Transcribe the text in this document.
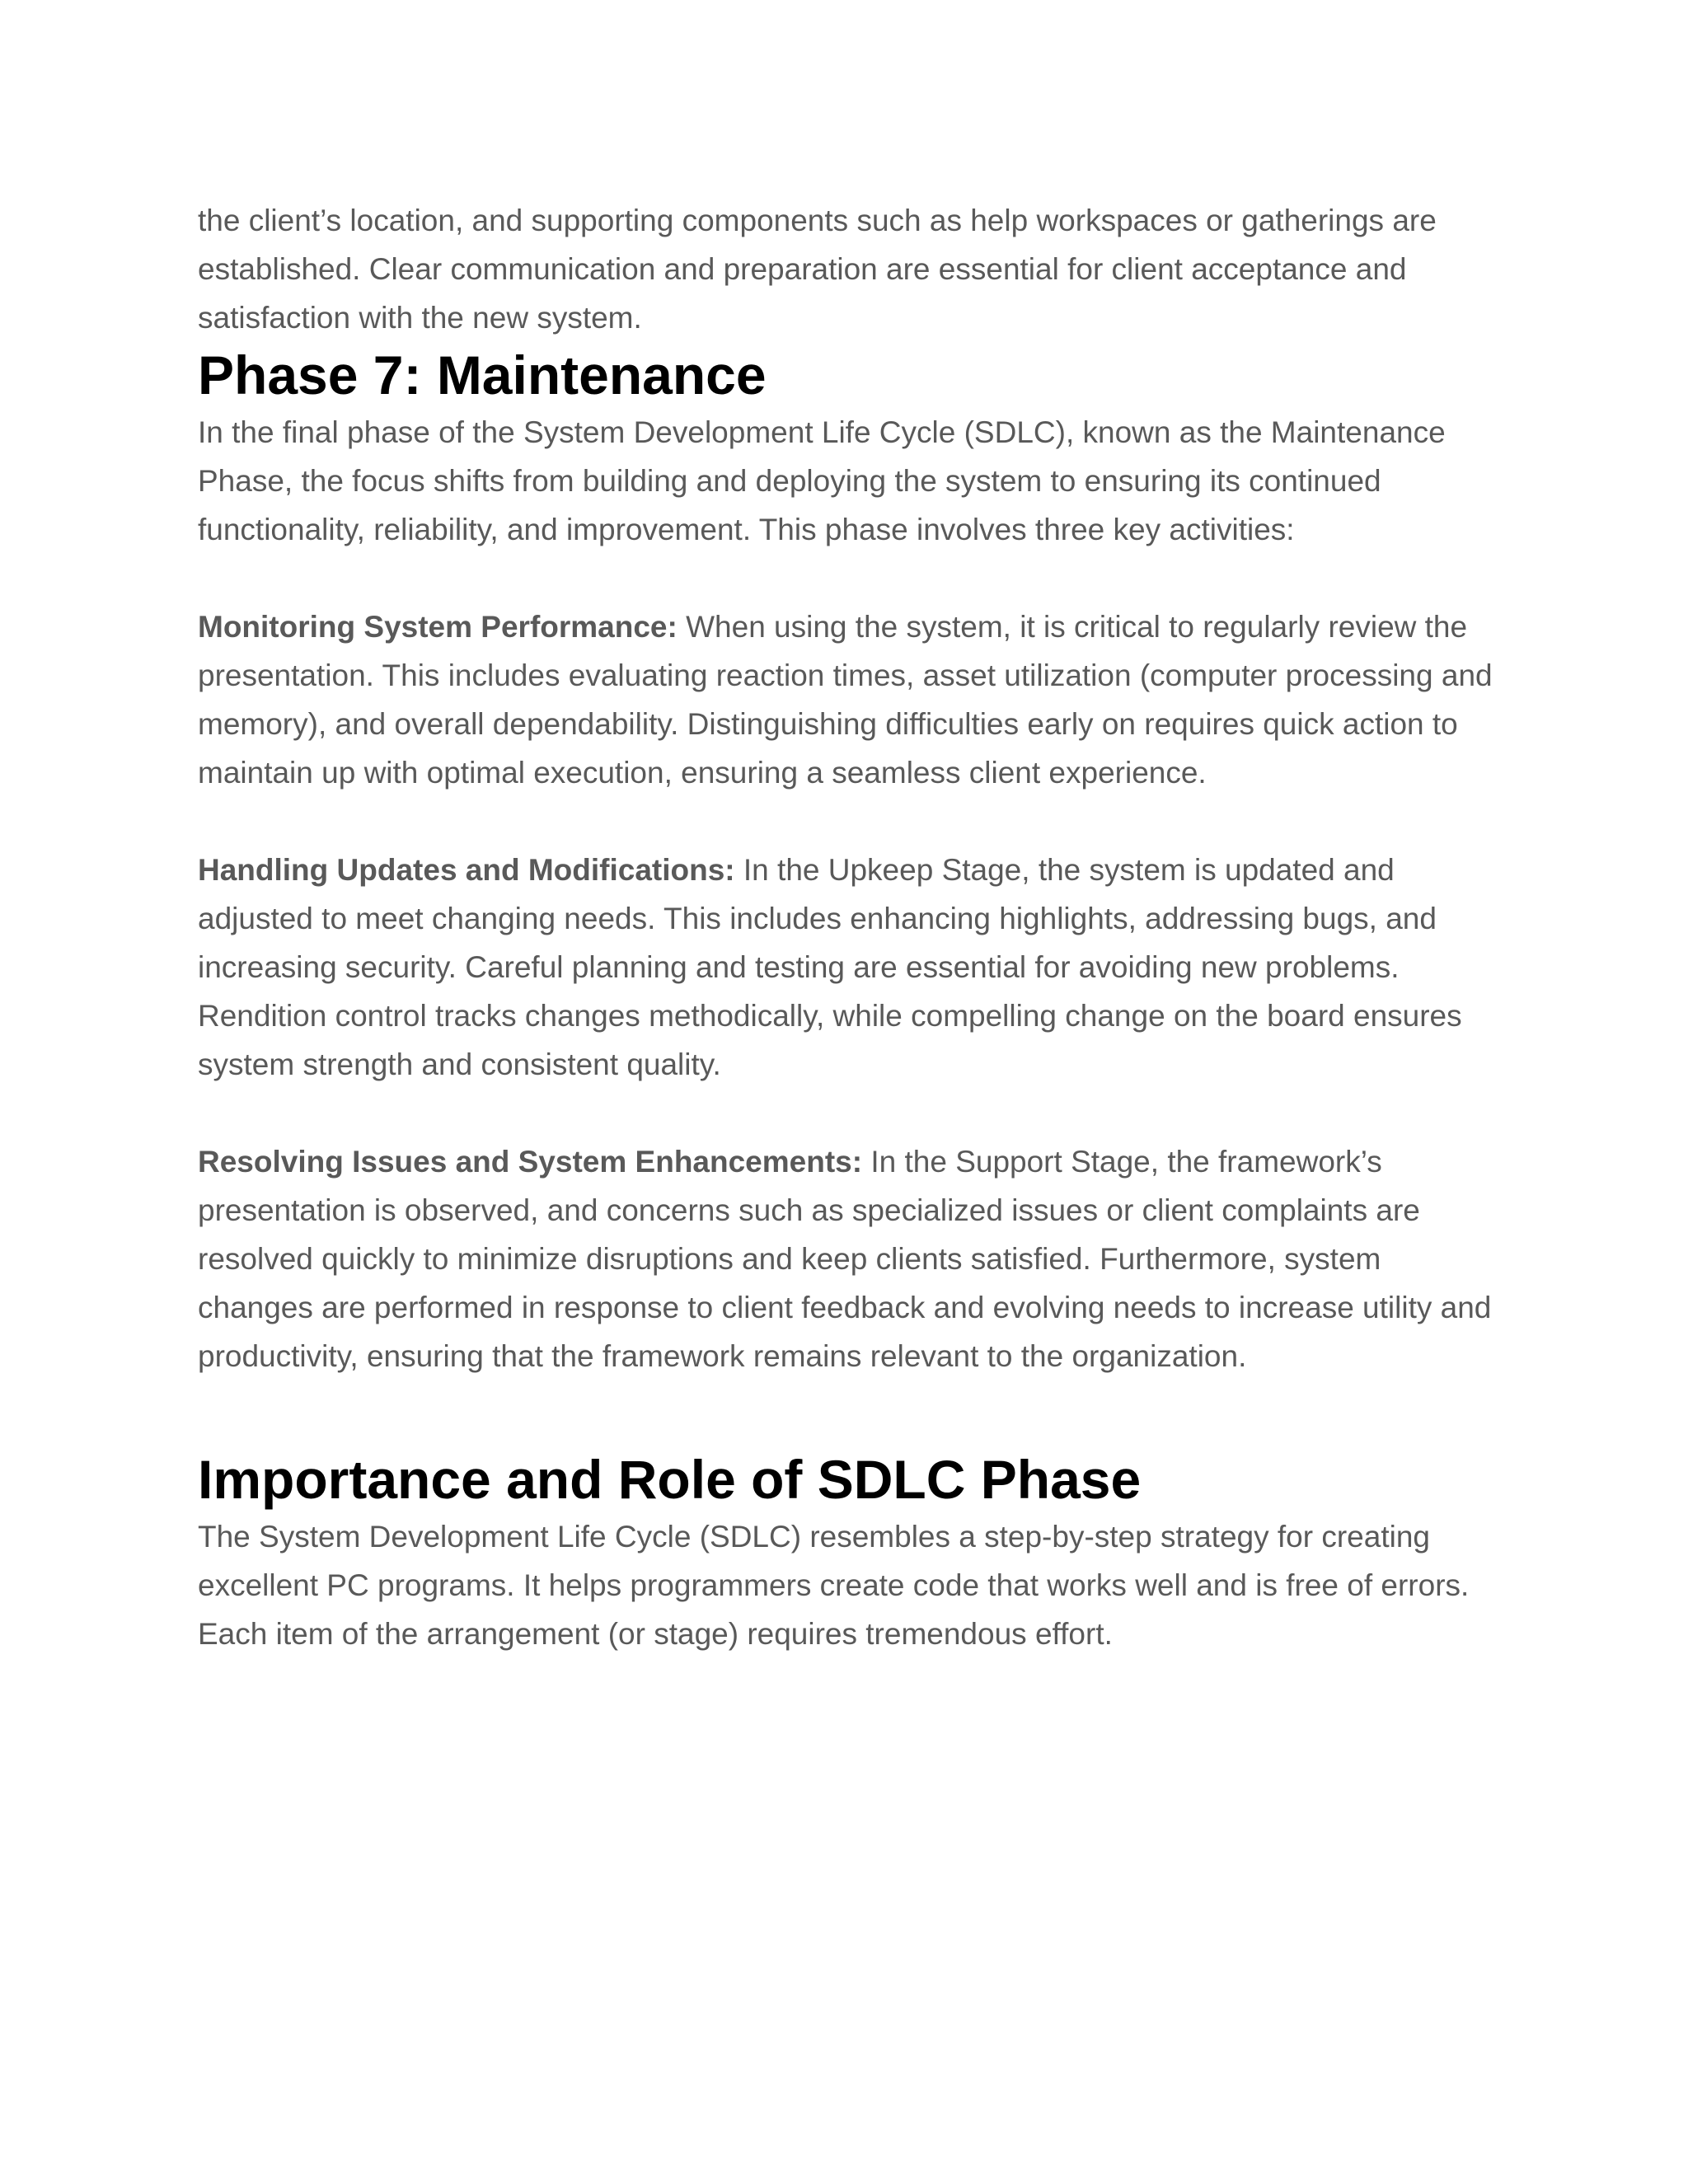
the client’s location, and supporting components such as help workspaces or gatherings are established. Clear communication and preparation are essential for client acceptance and satisfaction with the new system.

Phase 7: Maintenance

In the final phase of the System Development Life Cycle (SDLC), known as the Maintenance Phase, the focus shifts from building and deploying the system to ensuring its continued functionality, reliability, and improvement. This phase involves three key activities:

Monitoring System Performance: When using the system, it is critical to regularly review the presentation. This includes evaluating reaction times, asset utilization (computer processing and memory), and overall dependability. Distinguishing difficulties early on requires quick action to maintain up with optimal execution, ensuring a seamless client experience.

Handling Updates and Modifications: In the Upkeep Stage, the system is updated and adjusted to meet changing needs. This includes enhancing highlights, addressing bugs, and increasing security. Careful planning and testing are essential for avoiding new problems. Rendition control tracks changes methodically, while compelling change on the board ensures system strength and consistent quality.

Resolving Issues and System Enhancements: In the Support Stage, the framework’s presentation is observed, and concerns such as specialized issues or client complaints are resolved quickly to minimize disruptions and keep clients satisfied. Furthermore, system changes are performed in response to client feedback and evolving needs to increase utility and productivity, ensuring that the framework remains relevant to the organization.

Importance and Role of SDLC Phase

The System Development Life Cycle (SDLC) resembles a step-by-step strategy for creating excellent PC programs. It helps programmers create code that works well and is free of errors. Each item of the arrangement (or stage) requires tremendous effort.
